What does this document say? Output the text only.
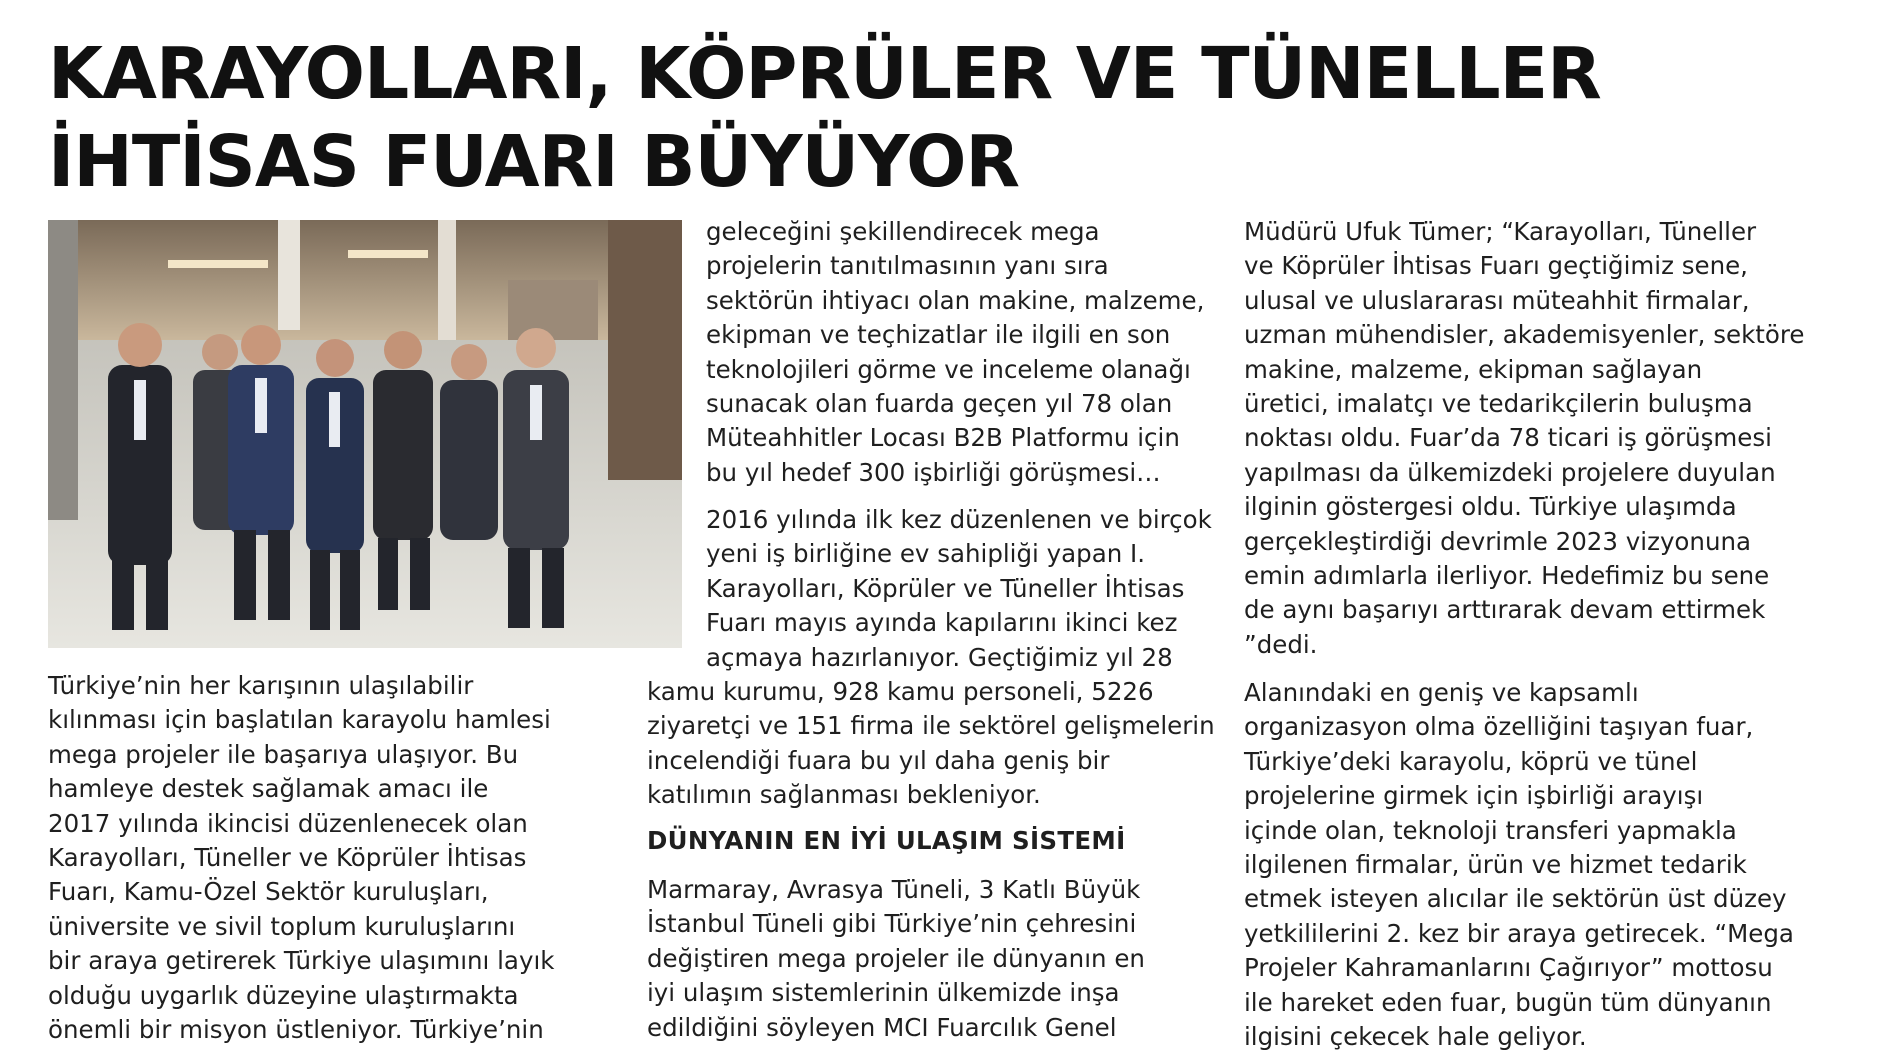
KARAYOLLARI, KÖPRÜLER VE TÜNELLER
İHTİSAS FUARI BÜYÜYOR
Türkiye’nin her karışının ulaşılabilir
kılınması için başlatılan karayolu hamlesi
mega projeler ile başarıya ulaşıyor. Bu
hamleye destek sağlamak amacı ile
2017 yılında ikincisi düzenlenecek olan
Karayolları, Tüneller ve Köprüler İhtisas
Fuarı, Kamu-Özel Sektör kuruluşları,
üniversite ve sivil toplum kuruluşlarını
bir araya getirerek Türkiye ulaşımını layık
olduğu uygarlık düzeyine ulaştırmakta
önemli bir misyon üstleniyor. Türkiye’nin
geleceğini şekillendirecek mega
projelerin tanıtılmasının yanı sıra
sektörün ihtiyacı olan makine, malzeme,
ekipman ve teçhizatlar ile ilgili en son
teknolojileri görme ve inceleme olanağı
sunacak olan fuarda geçen yıl 78 olan
Müteahhitler Locası B2B Platformu için
bu yıl hedef 300 işbirliği görüşmesi…
2016 yılında ilk kez düzenlenen ve birçok
yeni iş birliğine ev sahipliği yapan I.
Karayolları, Köprüler ve Tüneller İhtisas
Fuarı mayıs ayında kapılarını ikinci kez
açmaya hazırlanıyor. Geçtiğimiz yıl 28
kamu kurumu, 928 kamu personeli, 5226
ziyaretçi ve 151 firma ile sektörel gelişmelerin
incelendiği fuara bu yıl daha geniş bir
katılımın sağlanması bekleniyor.
DÜNYANIN EN İYİ ULAŞIM SİSTEMİ
Marmaray, Avrasya Tüneli, 3 Katlı Büyük
İstanbul Tüneli gibi Türkiye’nin çehresini
değiştiren mega projeler ile dünyanın en
iyi ulaşım sistemlerinin ülkemizde inşa
edildiğini söyleyen MCI Fuarcılık Genel
Müdürü Ufuk Tümer; “Karayolları, Tüneller
ve Köprüler İhtisas Fuarı geçtiğimiz sene,
ulusal ve uluslararası müteahhit firmalar,
uzman mühendisler, akademisyenler, sektöre
makine, malzeme, ekipman sağlayan
üretici, imalatçı ve tedarikçilerin buluşma
noktası oldu. Fuar’da 78 ticari iş görüşmesi
yapılması da ülkemizdeki projelere duyulan
ilginin göstergesi oldu. Türkiye ulaşımda
gerçekleştirdiği devrimle 2023 vizyonuna
emin adımlarla ilerliyor. Hedefimiz bu sene
de aynı başarıyı arttırarak devam ettirmek
”dedi.
Alanındaki en geniş ve kapsamlı
organizasyon olma özelliğini taşıyan fuar,
Türkiye’deki karayolu, köprü ve tünel
projelerine girmek için işbirliği arayışı
içinde olan, teknoloji transferi yapmakla
ilgilenen firmalar, ürün ve hizmet tedarik
etmek isteyen alıcılar ile sektörün üst düzey
yetkililerini 2. kez bir araya getirecek. “Mega
Projeler Kahramanlarını Çağırıyor” mottosu
ile hareket eden fuar, bugün tüm dünyanın
ilgisini çekecek hale geliyor.
